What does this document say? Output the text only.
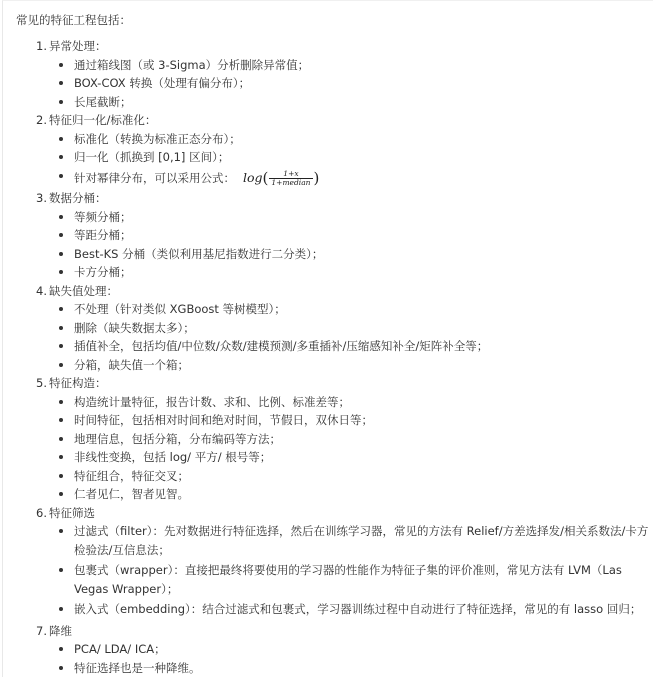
常见的特征工程包括：
1. 异常处理：
通过箱线图（或 3-Sigma）分析删除异常值；
BOX-COX 转换（处理有偏分布）；
长尾截断；
2. 特征归一化/标准化：
标准化（转换为标准正态分布）；
归一化（抓换到 [0,1] 区间）；
针对幂律分布，可以采用公式： log ( $\frac{1+x}{\text{1+median}}$ )
3. 数据分桶：
等频分桶；
等距分桶；
Best-KS 分桶（类似利用基尼指数进行二分类）；
卡方分桶；
4. 缺失值处理：
不处理（针对类似 XGBoost 等树模型）；
删除（缺失数据太多）；
插值补全，包括均值/中位数/众数/建模预测/多重插补/压缩感知补全/矩阵补全等；
分箱，缺失值一个箱；
5. 特征构造：
构造统计量特征，报告计数、求和、比例、标准差等；
时间特征，包括相对时间和绝对时间，节假日，双休日等；
地理信息，包括分箱，分布编码等方法；
非线性变换，包括 log/ 平方/ 根号等；
特征组合，特征交叉；
仁者见仁，智者见智。
6. 特征筛选
过滤式（filter）：先对数据进行特征选择，然后在训练学习器，常见的方法有 Relief/方差选择发/相关系数法/卡方检验法/互信息法；
包裹式（wrapper）：直接把最终将要使用的学习器的性能作为特征子集的评价准则，常见方法有 LVM（Las Vegas Wrapper）；
嵌入式（embedding）：结合过滤式和包裹式，学习器训练过程中自动进行了特征选择，常见的有 lasso 回归；
7. 降维
PCA/ LDA/ ICA；
特征选择也是一种降维。
